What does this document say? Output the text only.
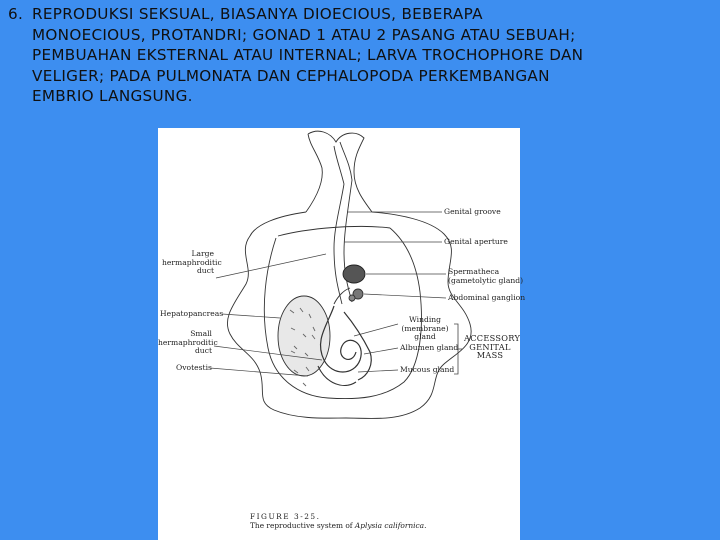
6. REPRODUKSI SEKSUAL, BIASANYA DIOECIOUS, BEBERAPA
MONOECIOUS, PROTANDRI; GONAD 1 ATAU 2 PASANG ATAU SEBUAH;
PEMBUAHAN EKSTERNAL ATAU INTERNAL; LARVA TROCHOPHORE DAN
VELIGER; PADA PULMONATA DAN CEPHALOPODA PERKEMBANGAN
EMBRIO LANGSUNG.
Large
hermaphroditic
duct
Hepatopancreas
Small
hermaphroditic
duct
Ovotestis
Genital groove
Genital aperture
Spermatheca
(gametolytic gland)
Abdominal ganglion
Winding
(membrane)
gland
Albumen gland
Mucous gland
ACCESSORY
GENITAL
MASS
FIGURE 3-25.
The reproductive system of Aplysia californica.
